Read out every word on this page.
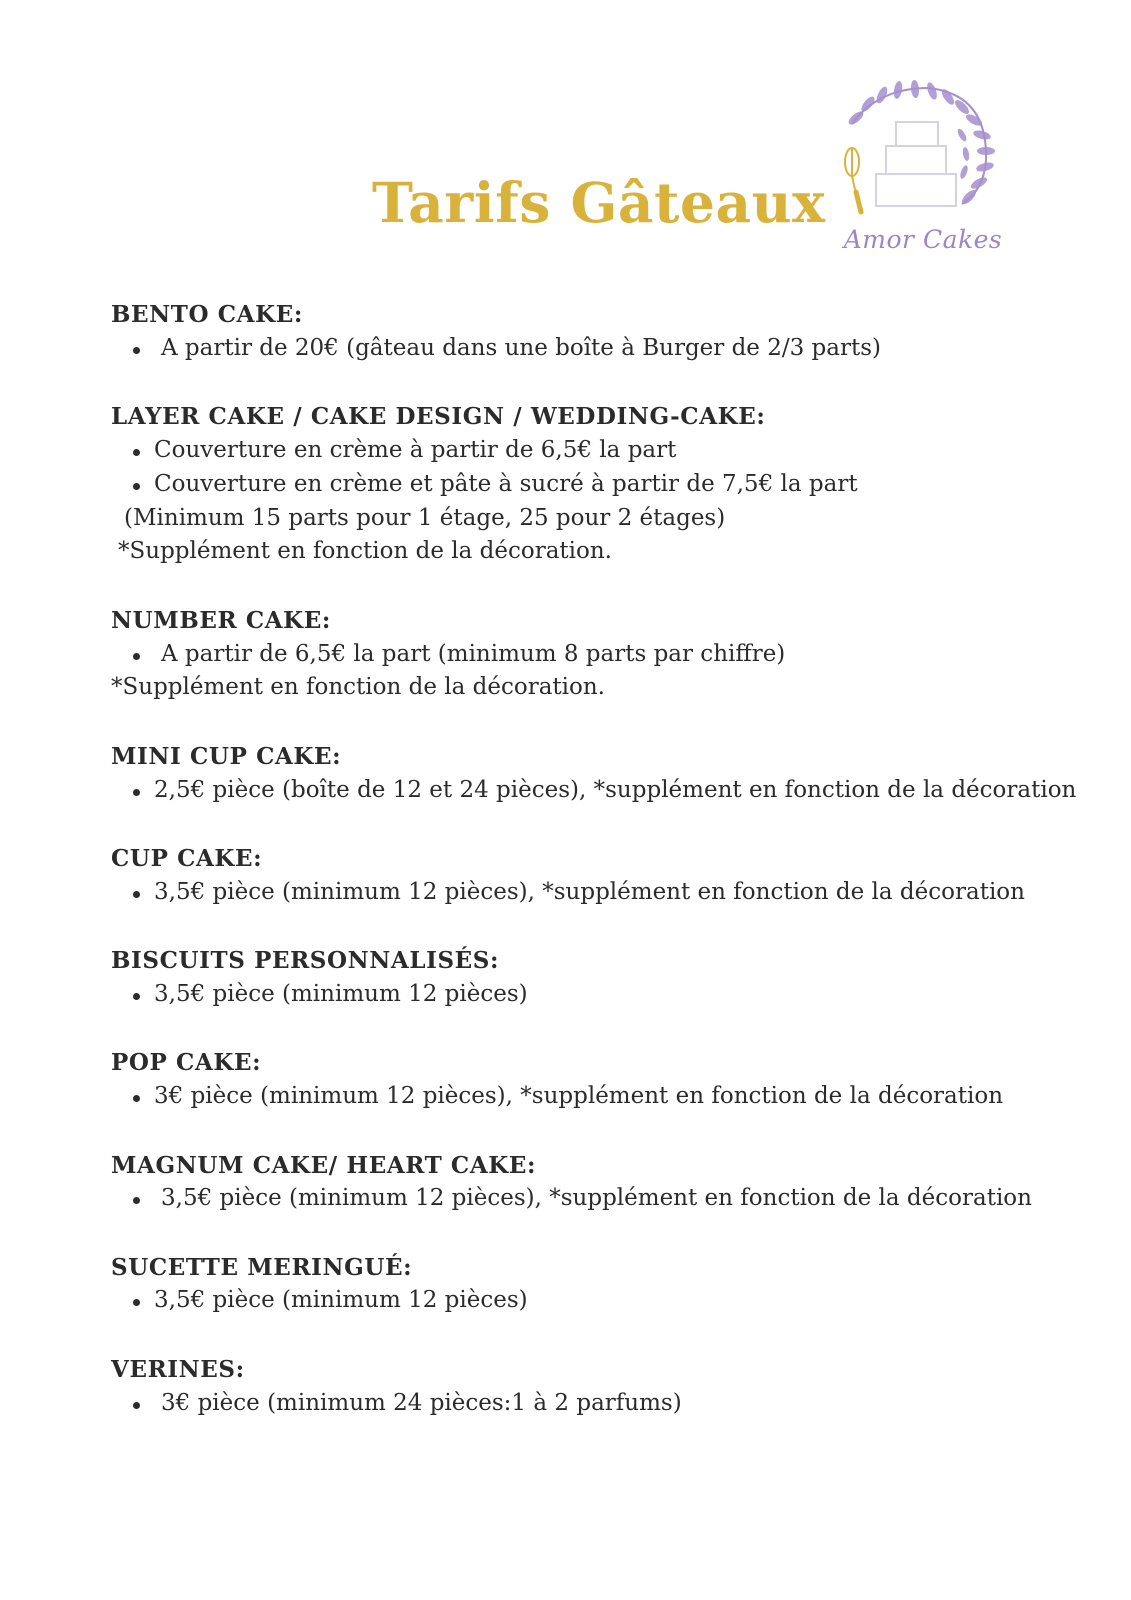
Tarifs Gâteaux
Amor Cakes
BENTO CAKE:
A partir de 20€ (gâteau dans une boîte à Burger de 2/3 parts)
LAYER CAKE / CAKE DESIGN / WEDDING-CAKE:
Couverture en crème à partir de 6,5€ la part
Couverture en crème et pâte à sucré à partir de 7,5€ la part
(Minimum 15 parts pour 1 étage, 25 pour 2 étages)
*Supplément en fonction de la décoration.
NUMBER CAKE:
A partir de 6,5€ la part (minimum 8 parts par chiffre)
*Supplément en fonction de la décoration.
MINI CUP CAKE:
2,5€ pièce (boîte de 12 et 24 pièces), *supplément en fonction de la décoration
CUP CAKE:
3,5€ pièce (minimum 12 pièces), *supplément en fonction de la décoration
BISCUITS PERSONNALISÉS:
3,5€ pièce (minimum 12 pièces)
POP CAKE:
3€ pièce (minimum 12 pièces), *supplément en fonction de la décoration
MAGNUM CAKE/ HEART CAKE:
3,5€ pièce (minimum 12 pièces), *supplément en fonction de la décoration
SUCETTE MERINGUÉ:
3,5€ pièce (minimum 12 pièces)
VERINES:
3€ pièce (minimum 24 pièces:1 à 2 parfums)
